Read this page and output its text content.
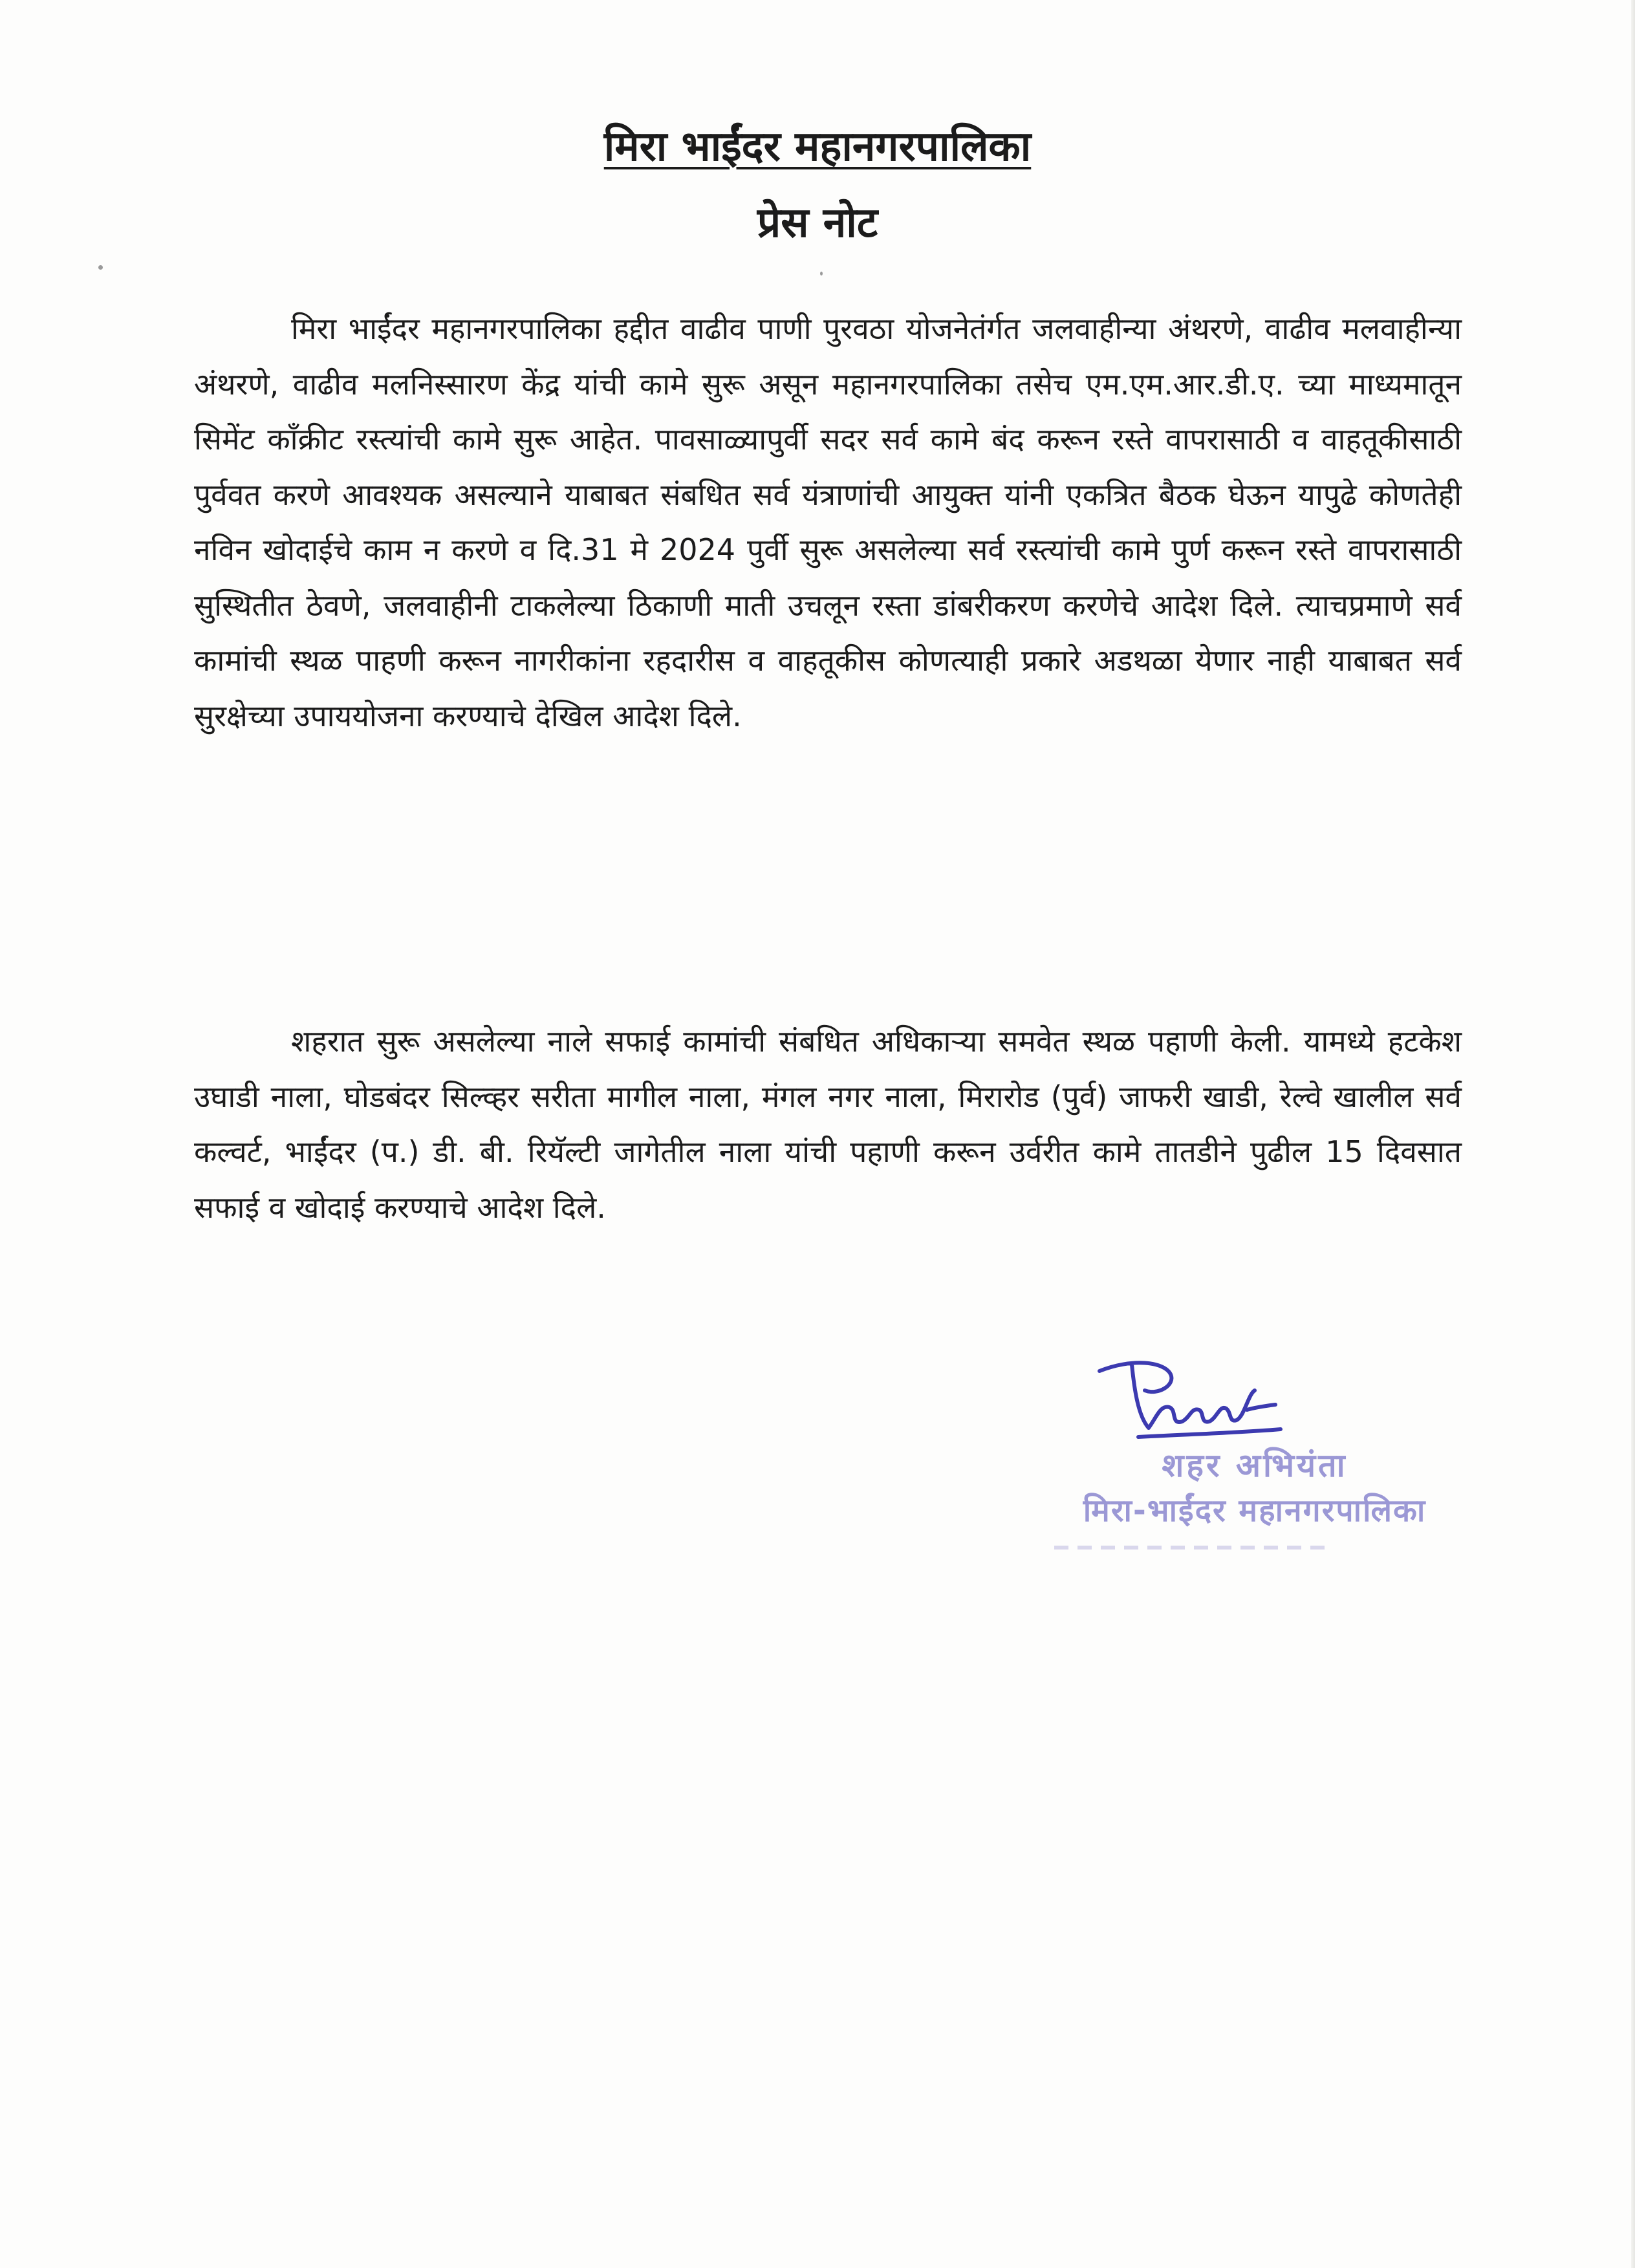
मिरा भाईंदर महानगरपालिका
प्रेस नोट

मिरा भाईंदर महानगरपालिका हद्दीत वाढीव पाणी पुरवठा योजनेतंर्गत जलवाहीन्या अंथरणे, वाढीव मलवाहीन्या अंथरणे, वाढीव मलनिस्सारण केंद्र यांची कामे सुरू असून महानगरपालिका तसेच एम.एम.आर.डी.ए. च्या माध्यमातून सिमेंट कॉंक्रीट रस्त्यांची कामे सुरू आहेत. पावसाळ्यापुर्वी सदर सर्व कामे बंद करून रस्ते वापरासाठी व वाहतूकीसाठी पुर्ववत करणे आवश्यक असल्याने याबाबत संबधित सर्व यंत्राणांची आयुक्त यांनी एकत्रित बैठक घेऊन यापुढे कोणतेही नविन खोदाईचे काम न करणे व दि.31 मे 2024 पुर्वी सुरू असलेल्या सर्व रस्त्यांची कामे पुर्ण करून रस्ते वापरासाठी सुस्थितीत ठेवणे, जलवाहीनी टाकलेल्या ठिकाणी माती उचलून रस्ता डांबरीकरण करणेचे आदेश दिले. त्याचप्रमाणे सर्व कामांची स्थळ पाहणी करून नागरीकांना रहदारीस व वाहतूकीस कोणत्याही प्रकारे अडथळा येणार नाही याबाबत सर्व सुरक्षेच्या उपाययोजना करण्याचे देखिल आदेश दिले.

शहरात सुरू असलेल्या नाले सफाई कामांची संबधित अधिकाऱ्या समवेत स्थळ पहाणी केली. यामध्ये हटकेश उघाडी नाला, घोडबंदर सिल्व्हर सरीता मागील नाला, मंगल नगर नाला, मिरारोड (पुर्व) जाफरी खाडी, रेल्वे खालील सर्व कल्वर्ट, भाईंदर (प.) डी. बी. रियॅल्टी जागेतील नाला यांची पहाणी करून उर्वरीत कामे तातडीने पुढील 15 दिवसात सफाई व खोदाई करण्याचे आदेश दिले.

शहर अभियंता
मिरा-भाईंदर महानगरपालिका
